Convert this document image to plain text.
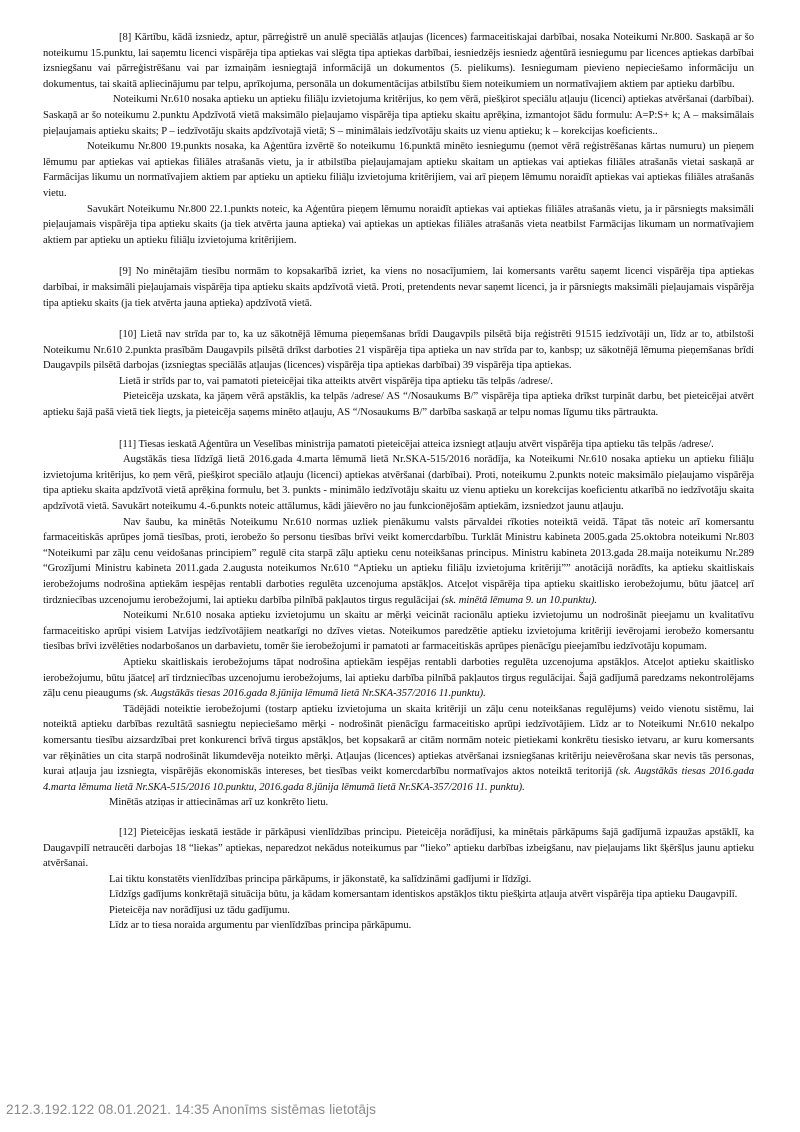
[8] Kārtību, kādā izsniedz, aptur, pārreģistrē un anulē speciālās atļaujas (licences) farmaceitiskajai darbībai, nosaka Noteikumi Nr.800. Saskaņā ar šo noteikumu 15.punktu, lai saņemtu licenci vispārēja tipa aptiekas vai slēgta tipa aptiekas darbībai, iesniedzējs iesniedz aģentūrā iesniegumu par licences aptiekas darbībai izsniegšanu vai pārreģistrēšanu vai par izmaiņām iesniegtajā informācijā un dokumentos (5. pielikums). Iesniegumam pievieno nepieciešamo informāciju un dokumentus, tai skaitā apliecinājumu par telpu, aprīkojuma, personāla un dokumentācijas atbilstību šiem noteikumiem un normatīvajiem aktiem par aptieku darbību.

Noteikumi Nr.610 nosaka aptieku un aptieku filiāļu izvietojuma kritērijus, ko ņem vērā, piešķirot speciālu atļauju (licenci) aptiekas atvēršanai (darbībai). Saskaņā ar šo noteikumu 2.punktu Apdzīvotā vietā maksimālo pieļaujamo vispārēja tipa aptieku skaitu aprēķina, izmantojot šādu formulu: A=P:S+ k; A – maksimālais pieļaujamais aptieku skaits; P – iedzīvotāju skaits apdzīvotajā vietā; S – minimālais iedzīvotāju skaits uz vienu aptieku; k – korekcijas koeficients..

Noteikumu Nr.800 19.punkts nosaka, ka Aģentūra izvērtē šo noteikumu 16.punktā minēto iesniegumu (ņemot vērā reģistrēšanas kārtas numuru) un pieņem lēmumu par aptiekas vai aptiekas filiāles atrašanās vietu, ja ir atbilstība pieļaujamajam aptieku skaitam un aptiekas vai aptiekas filiāles atrašanās vietai saskaņā ar Farmācijas likumu un normatīvajiem aktiem par aptieku un aptieku filiāļu izvietojuma kritērijiem, vai arī pieņem lēmumu noraidīt aptiekas vai aptiekas filiāles atrašanās vietu.

Savukārt Noteikumu Nr.800 22.1.punkts noteic, ka Aģentūra pieņem lēmumu noraidīt aptiekas vai aptiekas filiāles atrašanās vietu, ja ir pārsniegts maksimāli pieļaujamais vispārēja tipa aptieku skaits (ja tiek atvērta jauna aptieka) vai aptiekas un aptiekas filiāles atrašanās vieta neatbilst Farmācijas likumam un normatīvajiem aktiem par aptieku un aptieku filiāļu izvietojuma kritērijiem.

[9] No minētajām tiesību normām to kopsakarībā izriet, ka viens no nosacījumiem, lai komersants varētu saņemt licenci vispārēja tipa aptiekas darbībai, ir maksimāli pieļaujamais vispārēja tipa aptieku skaits apdzīvotā vietā. Proti, pretendents nevar saņemt licenci, ja ir pārsniegts maksimāli pieļaujamais vispārēja tipa aptieku skaits (ja tiek atvērta jauna aptieka) apdzīvotā vietā.

[10] Lietā nav strīda par to, ka uz sākotnējā lēmuma pieņemšanas brīdi Daugavpils pilsētā bija reģistrēti 91515 iedzīvotāji un, līdz ar to, atbilstoši Noteikumu Nr.610 2.punkta prasībām Daugavpils pilsētā drīkst darboties 21 vispārēja tipa aptieka un nav strīda par to, kanbsp; uz sākotnējā lēmuma pieņemšanas brīdi Daugavpils pilsētā darbojas (izsniegtas speciālās atļaujas (licences) vispārēja tipa aptiekas darbībai) 39 vispārēja tipa aptiekas.

Lietā ir strīds par to, vai pamatoti pieteicējai tika atteikts atvērt vispārēja tipa aptieku tās telpās /adrese/.

Pieteicēja uzskata, ka jāņem vērā apstāklis, ka telpās /adrese/ AS “/Nosaukums B/” vispārēja tipa aptieka drīkst turpināt darbu, bet pieteicējai atvērt aptieku šajā pašā vietā tiek liegts, ja pieteicēja saņems minēto atļauju, AS “/Nosaukums B/” darbība saskaņā ar telpu nomas līgumu tiks pārtraukta.

[11] Tiesas ieskatā Aģentūra un Veselības ministrija pamatoti pieteicējai atteica izsniegt atļauju atvērt vispārēja tipa aptieku tās telpās /adrese/.

Augstākās tiesa līdzīgā lietā 2016.gada 4.marta lēmumā lietā Nr.SKA-515/2016 norādīja, ka Noteikumi Nr.610 nosaka aptieku un aptieku filiāļu izvietojuma kritērijus, ko ņem vērā, piešķirot speciālo atļauju (licenci) aptiekas atvēršanai (darbībai). Proti, noteikumu 2.punkts noteic maksimālo pieļaujamo vispārēja tipa aptieku skaita apdzīvotā vietā aprēķina formulu, bet 3. punkts - minimālo iedzīvotāju skaitu uz vienu aptieku un korekcijas koeficientu atkarībā no iedzīvotāju skaita apdzīvotā vietā. Savukārt noteikumu 4.-6.punkts noteic attālumus, kādi jāievēro no jau funkcionējošām aptiekām, izsniedzot jaunu atļauju.

Nav šaubu, ka minētās Noteikumu Nr.610 normas uzliek pienākumu valsts pārvaldei rīkoties noteiktā veidā. Tāpat tās noteic arī komersantu farmaceitiskās aprūpes jomā tiesības, proti, ierobežo šo personu tiesības brīvi veikt komercdarbību. Turklāt Ministru kabineta 2005.gada 25.oktobra noteikumi Nr.803 “Noteikumi par zāļu cenu veidošanas principiem” regulē cita starpā zāļu aptieku cenu noteikšanas principus. Ministru kabineta 2013.gada 28.maija noteikumu Nr.289 “Grozījumi Ministru kabineta 2011.gada 2.augusta noteikumos Nr.610 “Aptieku un aptieku filiāļu izvietojuma kritēriji”” anotācijā norādīts, ka aptieku skaitliskais ierobežojums nodrošina aptiekām iespējas rentabli darboties regulēta uzcenojuma apstākļos. Atceļot vispārēja tipa aptieku skaitlisko ierobežojumu, būtu jāatceļ arī tirdzniecības uzcenojumu ierobežojumi, lai aptieku darbība pilnībā pakļautos tirgus regulācijai (sk. minētā lēmuma 9. un 10.punktu).

Noteikumi Nr.610 nosaka aptieku izvietojumu un skaitu ar mērķi veicināt racionālu aptieku izvietojumu un nodrošināt pieejamu un kvalitatīvu farmaceitisko aprūpi visiem Latvijas iedzīvotājiem neatkarīgi no dzīves vietas. Noteikumos paredzētie aptieku izvietojuma kritēriji ievērojami ierobežo komersantu tiesības brīvi izvēlēties nodarbošanos un darbavietu, tomēr šie ierobežojumi ir pamatoti ar farmaceitiskās aprūpes pienācīgu pieejamību iedzīvotāju kopumam.

Aptieku skaitliskais ierobežojums tāpat nodrošina aptiekām iespējas rentabli darboties regulēta uzcenojuma apstākļos. Atceļot aptieku skaitlisko ierobežojumu, būtu jāatceļ arī tirdzniecības uzcenojumu ierobežojums, lai aptieku darbība pilnībā pakļautos tirgus regulācijai. Šajā gadījumā paredzams nekontrolējams zāļu cenu pieaugums (sk. Augstākās tiesas 2016.gada 8.jūnija lēmumā lietā Nr.SKA-357/2016 11.punktu).

Tādējādi noteiktie ierobežojumi (tostarp aptieku izvietojuma un skaita kritēriji un zāļu cenu noteikšanas regulējums) veido vienotu sistēmu, lai noteiktā aptieku darbības rezultātā sasniegtu nepieciešamo mērķi - nodrošināt pienācīgu farmaceitisko aprūpi iedzīvotājiem. Līdz ar to Noteikumi Nr.610 nekalpo komersantu tiesību aizsardzībai pret konkurenci brīvā tirgus apstākļos, bet kopsakarā ar citām normām noteic pietiekami konkrētu tiesisko ietvaru, ar kuru komersants var rēķināties un cita starpā nodrošināt likumdevēja noteikto mērķi. Atļaujas (licences) aptiekas atvēršanai izsniegšanas kritēriju neievērošana skar nevis tās personas, kurai atļauja jau izsniegta, vispārējās ekonomiskās intereses, bet tiesības veikt komercdarbību normatīvajos aktos noteiktā teritorijā (sk. Augstākās tiesas 2016.gada 4.marta lēmuma lietā Nr.SKA-515/2016 10.punktu, 2016.gada 8.jūnija lēmumā lietā Nr.SKA-357/2016 11. punktu).

Minētās atziņas ir attiecināmas arī uz konkrēto lietu.

[12] Pieteicējas ieskatā iestāde ir pārkāpusi vienlīdzības principu. Pieteicēja norādījusi, ka minētais pārkāpums šajā gadījumā izpaužas apstāklī, ka Daugavpilī netraucēti darbojas 18 “liekas” aptiekas, neparedzot nekādus noteikumus par “lieko” aptieku darbības izbeigšanu, nav pieļaujams likt šķēršļus jaunu aptieku atvēršanai.

Lai tiktu konstatēts vienlīdzības principa pārkāpums, ir jākonstatē, ka salīdzināmi gadījumi ir līdzīgi.

Līdzīgs gadījums konkrētajā situācija būtu, ja kādam komersantam identiskos apstākļos tiktu piešķirta atļauja atvērt vispārēja tipa aptieku Daugavpilī.

Pieteicēja nav norādījusi uz tādu gadījumu.

Līdz ar to tiesa noraida argumentu par vienlīdzības principa pārkāpumu.

212.3.192.122 08.01.2021. 14:35 Anonīms sistēmas lietotājs
